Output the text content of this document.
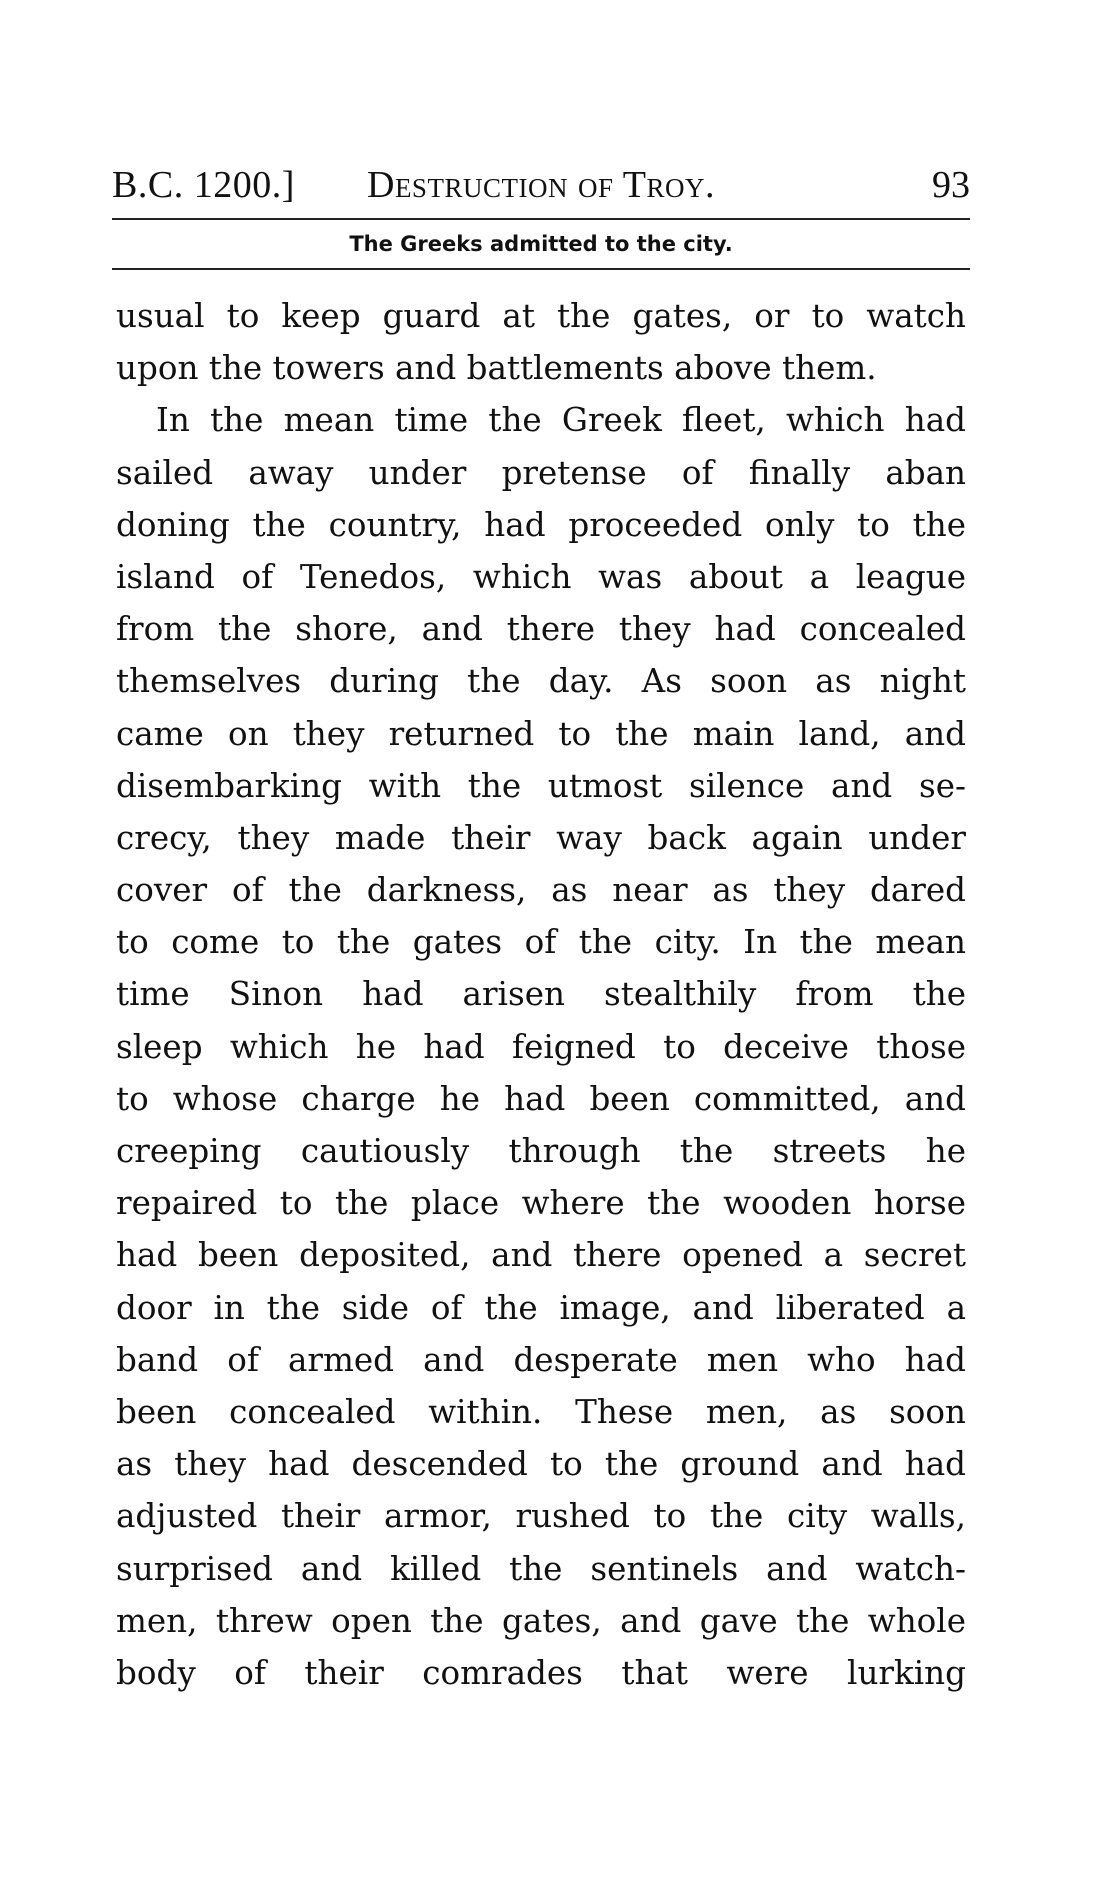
B.C. 1200.]	Destruction of Troy.	93
The Greeks admitted to the city.
usual to keep guard at the gates, or to watch
upon the towers and battlements above them.
In the mean time the Greek fleet, which had
sailed away under pretense of finally aban
doning the country, had proceeded only to the
island of Tenedos, which was about a league
from the shore, and there they had concealed
themselves during the day. As soon as night
came on they returned to the main land, and
disembarking with the utmost silence and se-
crecy, they made their way back again under
cover of the darkness, as near as they dared
to come to the gates of the city. In the mean
time Sinon had arisen stealthily from the
sleep which he had feigned to deceive those
to whose charge he had been committed, and
creeping cautiously through the streets he
repaired to the place where the wooden horse
had been deposited, and there opened a secret
door in the side of the image, and liberated a
band of armed and desperate men who had
been concealed within. These men, as soon
as they had descended to the ground and had
adjusted their armor, rushed to the city walls,
surprised and killed the sentinels and watch-
men, threw open the gates, and gave the whole
body of their comrades that were lurking
